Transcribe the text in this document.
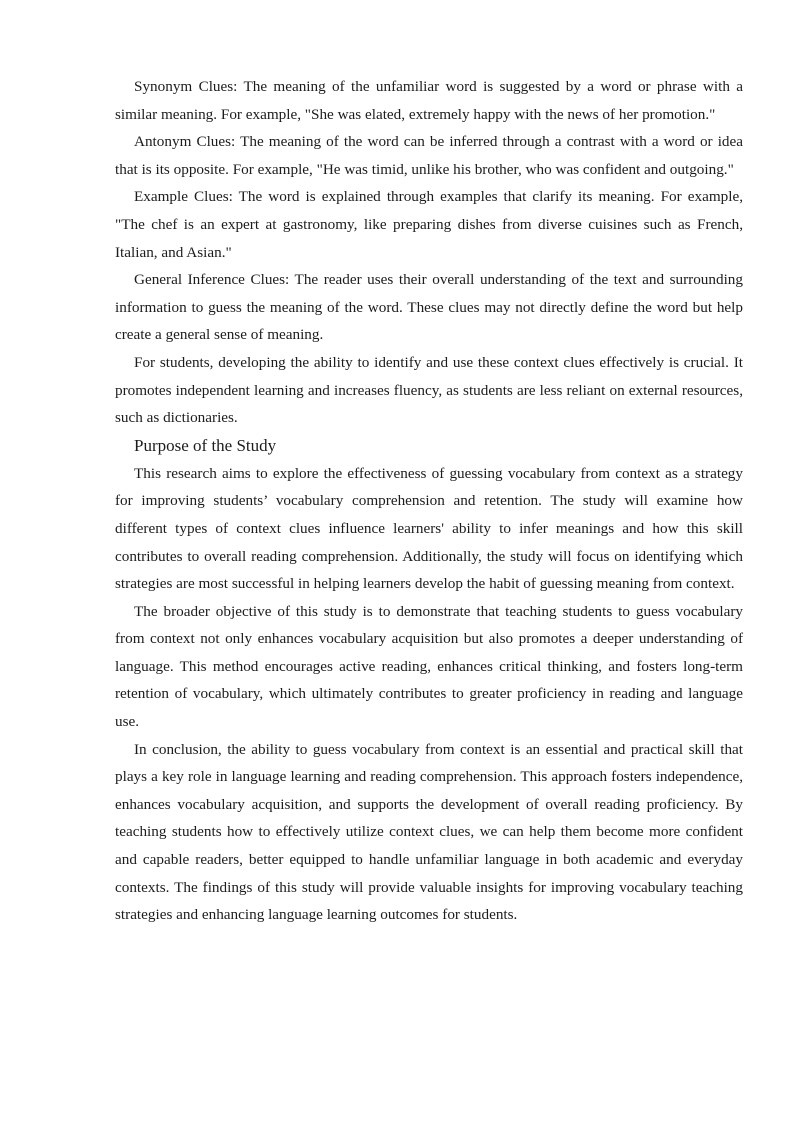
Synonym Clues: The meaning of the unfamiliar word is suggested by a word or phrase with a similar meaning. For example, "She was elated, extremely happy with the news of her promotion."

Antonym Clues: The meaning of the word can be inferred through a contrast with a word or idea that is its opposite. For example, "He was timid, unlike his brother, who was confident and outgoing."

Example Clues: The word is explained through examples that clarify its meaning. For example, "The chef is an expert at gastronomy, like preparing dishes from diverse cuisines such as French, Italian, and Asian."

General Inference Clues: The reader uses their overall understanding of the text and surrounding information to guess the meaning of the word. These clues may not directly define the word but help create a general sense of meaning.

For students, developing the ability to identify and use these context clues effectively is crucial. It promotes independent learning and increases fluency, as students are less reliant on external resources, such as dictionaries.

Purpose of the Study

This research aims to explore the effectiveness of guessing vocabulary from context as a strategy for improving students’ vocabulary comprehension and retention. The study will examine how different types of context clues influence learners' ability to infer meanings and how this skill contributes to overall reading comprehension. Additionally, the study will focus on identifying which strategies are most successful in helping learners develop the habit of guessing meaning from context.

The broader objective of this study is to demonstrate that teaching students to guess vocabulary from context not only enhances vocabulary acquisition but also promotes a deeper understanding of language. This method encourages active reading, enhances critical thinking, and fosters long-term retention of vocabulary, which ultimately contributes to greater proficiency in reading and language use.

In conclusion, the ability to guess vocabulary from context is an essential and practical skill that plays a key role in language learning and reading comprehension. This approach fosters independence, enhances vocabulary acquisition, and supports the development of overall reading proficiency. By teaching students how to effectively utilize context clues, we can help them become more confident and capable readers, better equipped to handle unfamiliar language in both academic and everyday contexts. The findings of this study will provide valuable insights for improving vocabulary teaching strategies and enhancing language learning outcomes for students.
